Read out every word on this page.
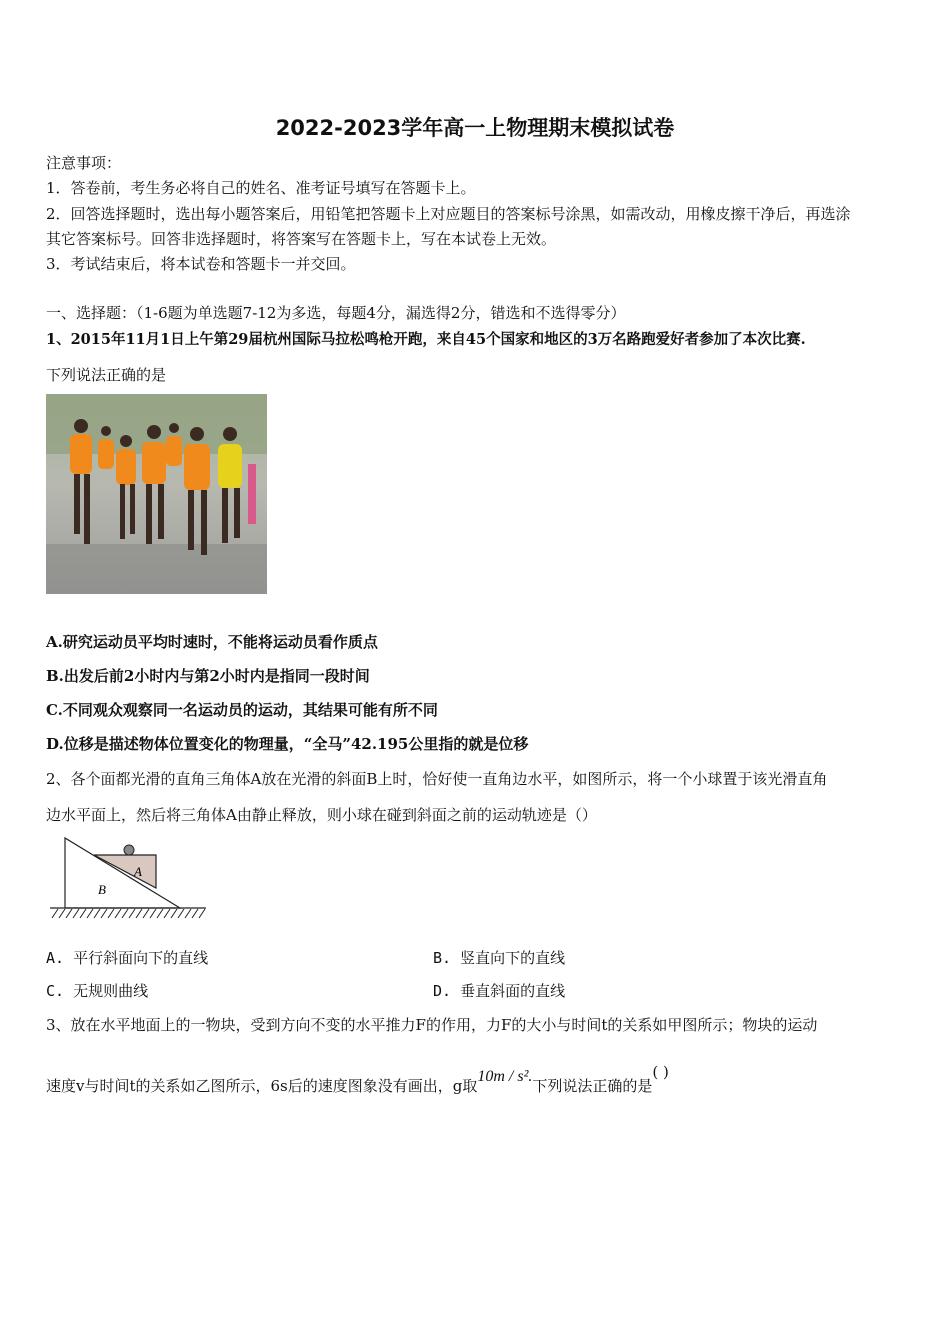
2022-2023学年高一上物理期末模拟试卷
注意事项：
1．答卷前，考生务必将自己的姓名、准考证号填写在答题卡上。
2．回答选择题时，选出每小题答案后，用铅笔把答题卡上对应题目的答案标号涂黑，如需改动，用橡皮擦干净后，再选涂
其它答案标号。回答非选择题时，将答案写在答题卡上，写在本试卷上无效。
3．考试结束后，将本试卷和答题卡一并交回。
一、选择题：（1-6题为单选题7-12为多选，每题4分，漏选得2分，错选和不选得零分）
1、2015年11月1日上午第29届杭州国际马拉松鸣枪开跑，来自45个国家和地区的3万名路跑爱好者参加了本次比赛.
下列说法正确的是
A.研究运动员平均时速时，不能将运动员看作质点
B.出发后前2小时内与第2小时内是指同一段时间
C.不同观众观察同一名运动员的运动，其结果可能有所不同
D.位移是描述物体位置变化的物理量，“全马”42.195公里指的就是位移
2、各个面都光滑的直角三角体A放在光滑的斜面B上时，恰好使一直角边水平，如图所示，将一个小球置于该光滑直角
边水平面上，然后将三角体A由静止释放，则小球在碰到斜面之前的运动轨迹是（）
A
B
A. 平行斜面向下的直线	B. 竖直向下的直线
C. 无规则曲线	D. 垂直斜面的直线
3、放在水平地面上的一物块，受到方向不变的水平推力F的作用，力F的大小与时间t的关系如甲图所示；物块的运动
速度v与时间t的关系如乙图所示，6s后的速度图象没有画出，g取10m / s².下列说法正确的是( )
